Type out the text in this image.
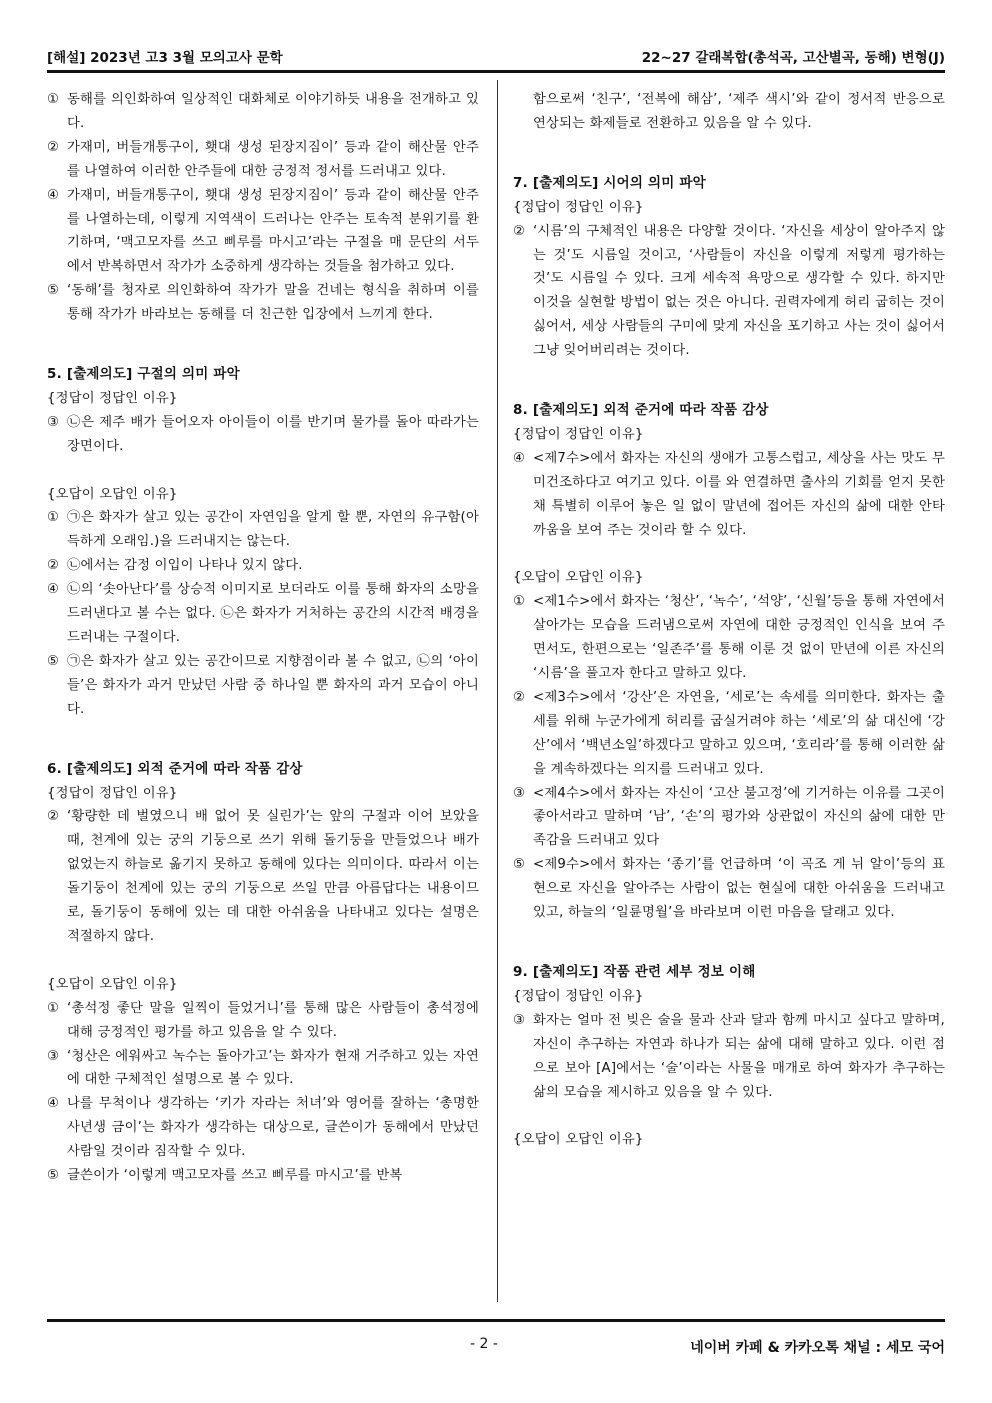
[해설] 2023년 고3 3월 모의고사 문학	22~27 갈래복합(총석곡, 고산별곡, 동해) 변형(J)
① 동해를 의인화하여 일상적인 대화체로 이야기하듯 내용을 전개하고 있다.
② 가재미, 버들개통구이, 횃대 생성 된장지짐이’ 등과 같이 해산물 안주를 나열하여 이러한 안주들에 대한 긍정적 정서를 드러내고 있다.
④ 가재미, 버들개통구이, 횃대 생성 된장지짐이’ 등과 같이 해산물 안주를 나열하는데, 이렇게 지역색이 드러나는 안주는 토속적 분위기를 환기하며, ‘맥고모자를 쓰고 삐루를 마시고’라는 구절을 매 문단의 서두에서 반복하면서 작가가 소중하게 생각하는 것들을 첨가하고 있다.
⑤ ‘동해’를 청자로 의인화하여 작가가 말을 건네는 형식을 취하며 이를 통해 작가가 바라보는 동해를 더 친근한 입장에서 느끼게 한다.
5. [출제의도] 구절의 의미 파악
{정답이 정답인 이유}
③ ㉡은 제주 배가 들어오자 아이들이 이를 반기며 물가를 돌아 따라가는 장면이다.
{오답이 오답인 이유}
① ㉠은 화자가 살고 있는 공간이 자연임을 알게 할 뿐, 자연의 유구함(아득하게 오래임.)을 드러내지는 않는다.
② ㉡에서는 감정 이입이 나타나 있지 않다.
④ ㉡의 ‘솟아난다’를 상승적 이미지로 보더라도 이를 통해 화자의 소망을 드러낸다고 볼 수는 없다. ㉡은 화자가 거처하는 공간의 시간적 배경을 드러내는 구절이다.
⑤ ㉠은 화자가 살고 있는 공간이므로 지향점이라 볼 수 없고, ㉡의 ‘아이들’은 화자가 과거 만났던 사람 중 하나일 뿐 화자의 과거 모습이 아니다.
6. [출제의도] 외적 준거에 따라 작품 감상
{정답이 정답인 이유}
② ‘황량한 데 벌였으니 배 없어 못 실린가’는 앞의 구절과 이어 보았을 때, 천계에 있는 궁의 기둥으로 쓰기 위해 돌기둥을 만들었으나 배가 없었는지 하늘로 옮기지 못하고 동해에 있다는 의미이다. 따라서 이는 돌기둥이 천계에 있는 궁의 기둥으로 쓰일 만큼 아름답다는 내용이므로, 돌기둥이 동해에 있는 데 대한 아쉬움을 나타내고 있다는 설명은 적절하지 않다.
{오답이 오답인 이유}
① ‘총석정 좋단 말을 일찍이 들었거니’를 통해 많은 사람들이 총석정에 대해 긍정적인 평가를 하고 있음을 알 수 있다.
③ ‘청산은 에워싸고 녹수는 돌아가고’는 화자가 현재 거주하고 있는 자연에 대한 구체적인 설명으로 볼 수 있다.
④ 나를 무척이나 생각하는 ‘키가 자라는 처녀’와 영어를 잘하는 ‘총명한 사년생 금이’는 화자가 생각하는 대상으로, 글쓴이가 동해에서 만났던 사람일 것이라 짐작할 수 있다.
⑤ 글쓴이가 ‘이렇게 맥고모자를 쓰고 삐루를 마시고’를 반복
함으로써 ‘친구’, ‘전복에 해삼’, ‘제주 색시’와 같이 정서적 반응으로 연상되는 화제들로 전환하고 있음을 알 수 있다.
7. [출제의도] 시어의 의미 파악
{정답이 정답인 이유}
② ‘시름’의 구체적인 내용은 다양할 것이다. ‘자신을 세상이 알아주지 않는 것’도 시름일 것이고, ‘사람들이 자신을 이렇게 저렇게 평가하는 것’도 시름일 수 있다. 크게 세속적 욕망으로 생각할 수 있다. 하지만 이것을 실현할 방법이 없는 것은 아니다. 권력자에게 허리 굽히는 것이 싫어서, 세상 사람들의 구미에 맞게 자신을 포기하고 사는 것이 싫어서 그냥 잊어버리려는 것이다.
8. [출제의도] 외적 준거에 따라 작품 감상
{정답이 정답인 이유}
④ <제7수>에서 화자는 자신의 생애가 고통스럽고, 세상을 사는 맛도 무미건조하다고 여기고 있다. 이를 와 연결하면 출사의 기회를 얻지 못한 채 특별히 이루어 놓은 일 없이 말년에 접어든 자신의 삶에 대한 안타까움을 보여 주는 것이라 할 수 있다.
{오답이 오답인 이유}
① <제1수>에서 화자는 ‘청산’, ‘녹수’, ‘석양’, ‘신월’등을 통해 자연에서 살아가는 모습을 드러냄으로써 자연에 대한 긍정적인 인식을 보여 주면서도, 한편으로는 ‘일존주’를 통해 이룬 것 없이 만년에 이른 자신의 ‘시름’을 풀고자 한다고 말하고 있다.
② <제3수>에서 ‘강산’은 자연을, ‘세로’는 속세를 의미한다. 화자는 출세를 위해 누군가에게 허리를 굽실거려야 하는 ‘세로’의 삶 대신에 ‘강산’에서 ‘백년소일’하겠다고 말하고 있으며, ‘호리라’를 통해 이러한 삶을 계속하겠다는 의지를 드러내고 있다.
③ <제4수>에서 화자는 자신이 ‘고산 불고정’에 기거하는 이유를 그곳이 좋아서라고 말하며 ‘남’, ‘손’의 평가와 상관없이 자신의 삶에 대한 만족감을 드러내고 있다
⑤ <제9수>에서 화자는 ‘종기’를 언급하며 ‘이 곡조 게 뉘 알이’등의 표현으로 자신을 알아주는 사람이 없는 현실에 대한 아쉬움을 드러내고 있고, 하늘의 ‘일륜명월’을 바라보며 이런 마음을 달래고 있다.
9. [출제의도] 작품 관련 세부 정보 이해
{정답이 정답인 이유}
③ 화자는 얼마 전 빚은 술을 물과 산과 달과 함께 마시고 싶다고 말하며, 자신이 추구하는 자연과 하나가 되는 삶에 대해 말하고 있다. 이런 점으로 보아 [A]에서는 ‘술’이라는 사물을 매개로 하여 화자가 추구하는 삶의 모습을 제시하고 있음을 알 수 있다.
{오답이 오답인 이유}
- 2 -	네이버 카페 & 카카오톡 채널 : 세모 국어
